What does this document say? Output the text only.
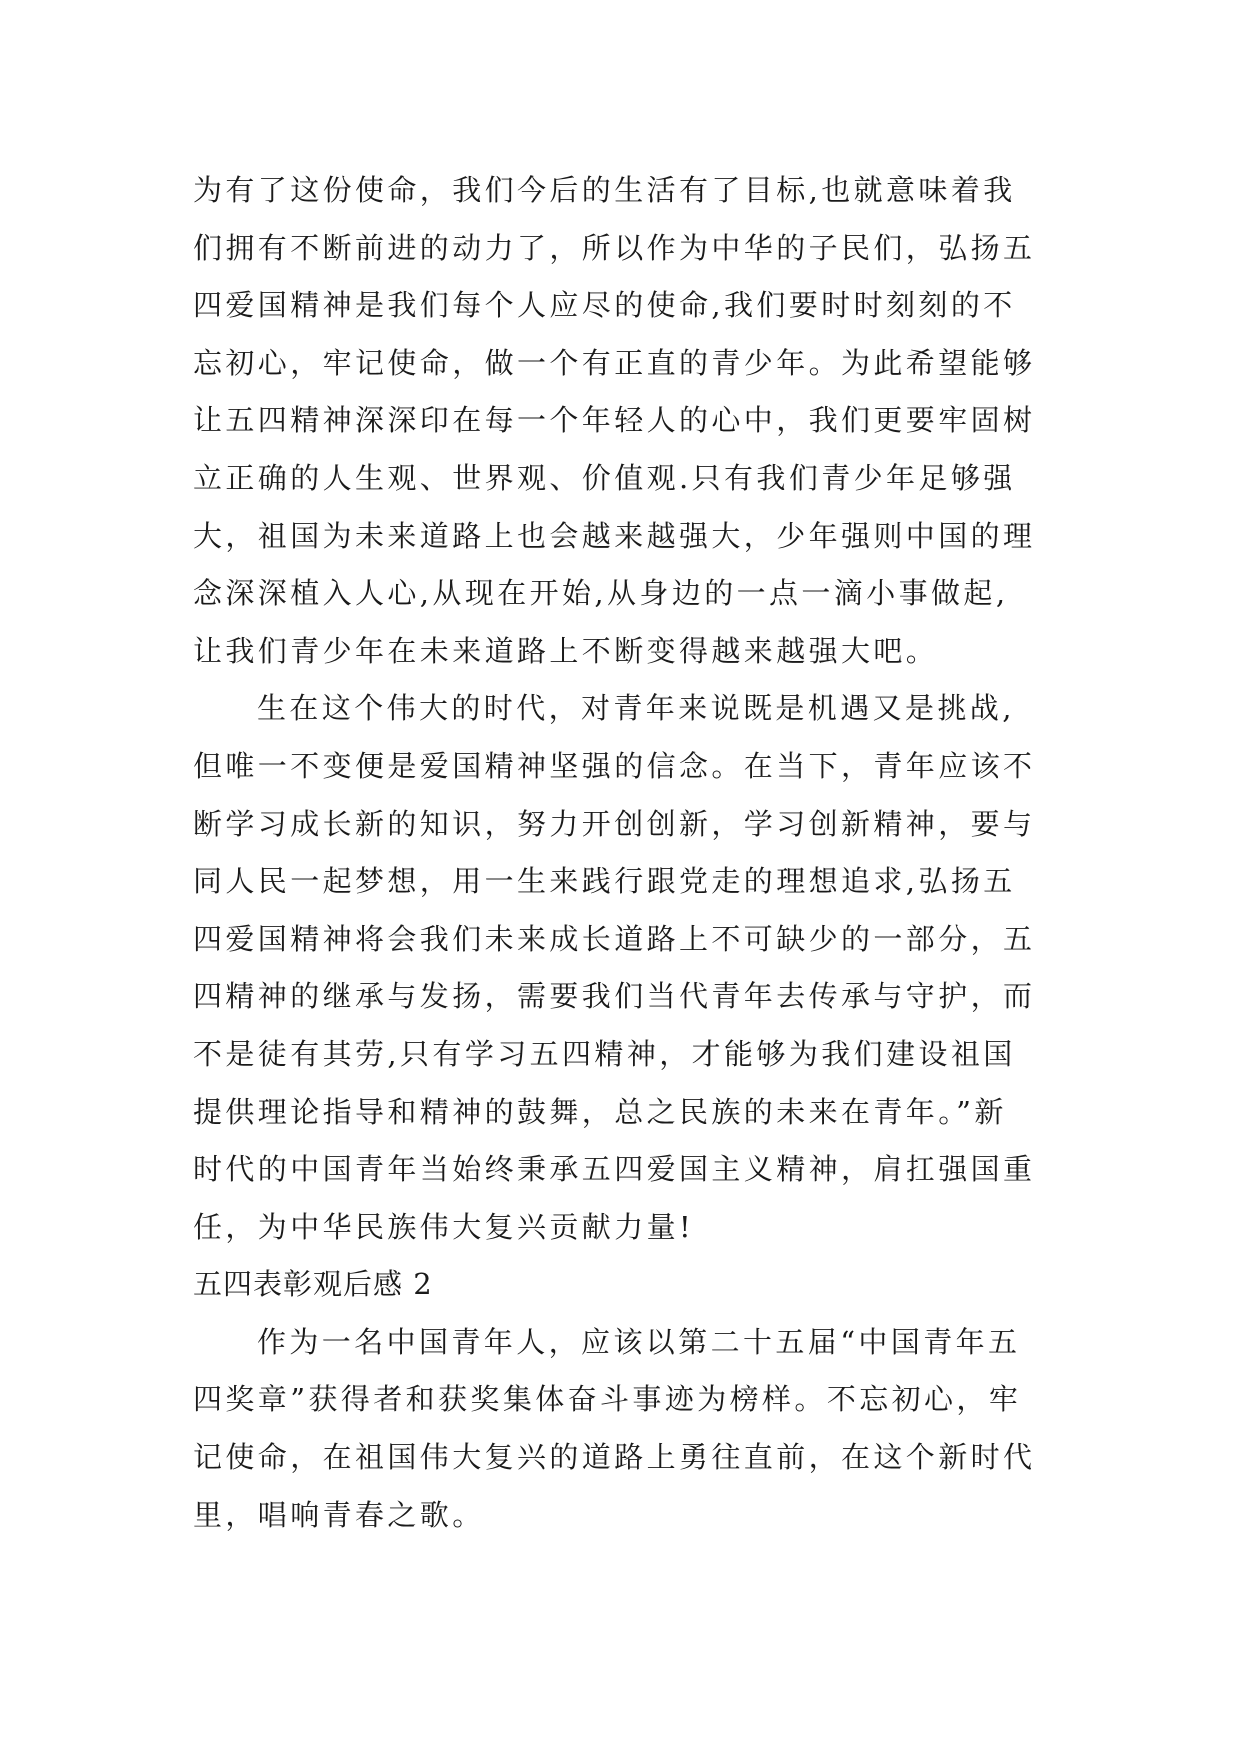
为有了这份使命，我们今后的生活有了目标,也就意味着我
们拥有不断前进的动力了，所以作为中华的子民们，弘扬五
四爱国精神是我们每个人应尽的使命,我们要时时刻刻的不
忘初心，牢记使命，做一个有正直的青少年。为此希望能够
让五四精神深深印在每一个年轻人的心中，我们更要牢固树
立正确的人生观、世界观、价值观.只有我们青少年足够强
大，祖国为未来道路上也会越来越强大，少年强则中国的理
念深深植入人心,从现在开始,从身边的一点一滴小事做起,
让我们青少年在未来道路上不断变得越来越强大吧。
生在这个伟大的时代，对青年来说既是机遇又是挑战,
但唯一不变便是爱国精神坚强的信念。在当下，青年应该不
断学习成长新的知识，努力开创创新，学习创新精神，要与
同人民一起梦想，用一生来践行跟党走的理想追求,弘扬五
四爱国精神将会我们未来成长道路上不可缺少的一部分，五
四精神的继承与发扬，需要我们当代青年去传承与守护，而
不是徒有其劳,只有学习五四精神，才能够为我们建设祖国
提供理论指导和精神的鼓舞，总之民族的未来在青年。”新
时代的中国青年当始终秉承五四爱国主义精神，肩扛强国重
任，为中华民族伟大复兴贡献力量!
五四表彰观后感 2
作为一名中国青年人，应该以第二十五届“中国青年五
四奖章”获得者和获奖集体奋斗事迹为榜样。不忘初心，牢
记使命，在祖国伟大复兴的道路上勇往直前，在这个新时代
里，唱响青春之歌。
